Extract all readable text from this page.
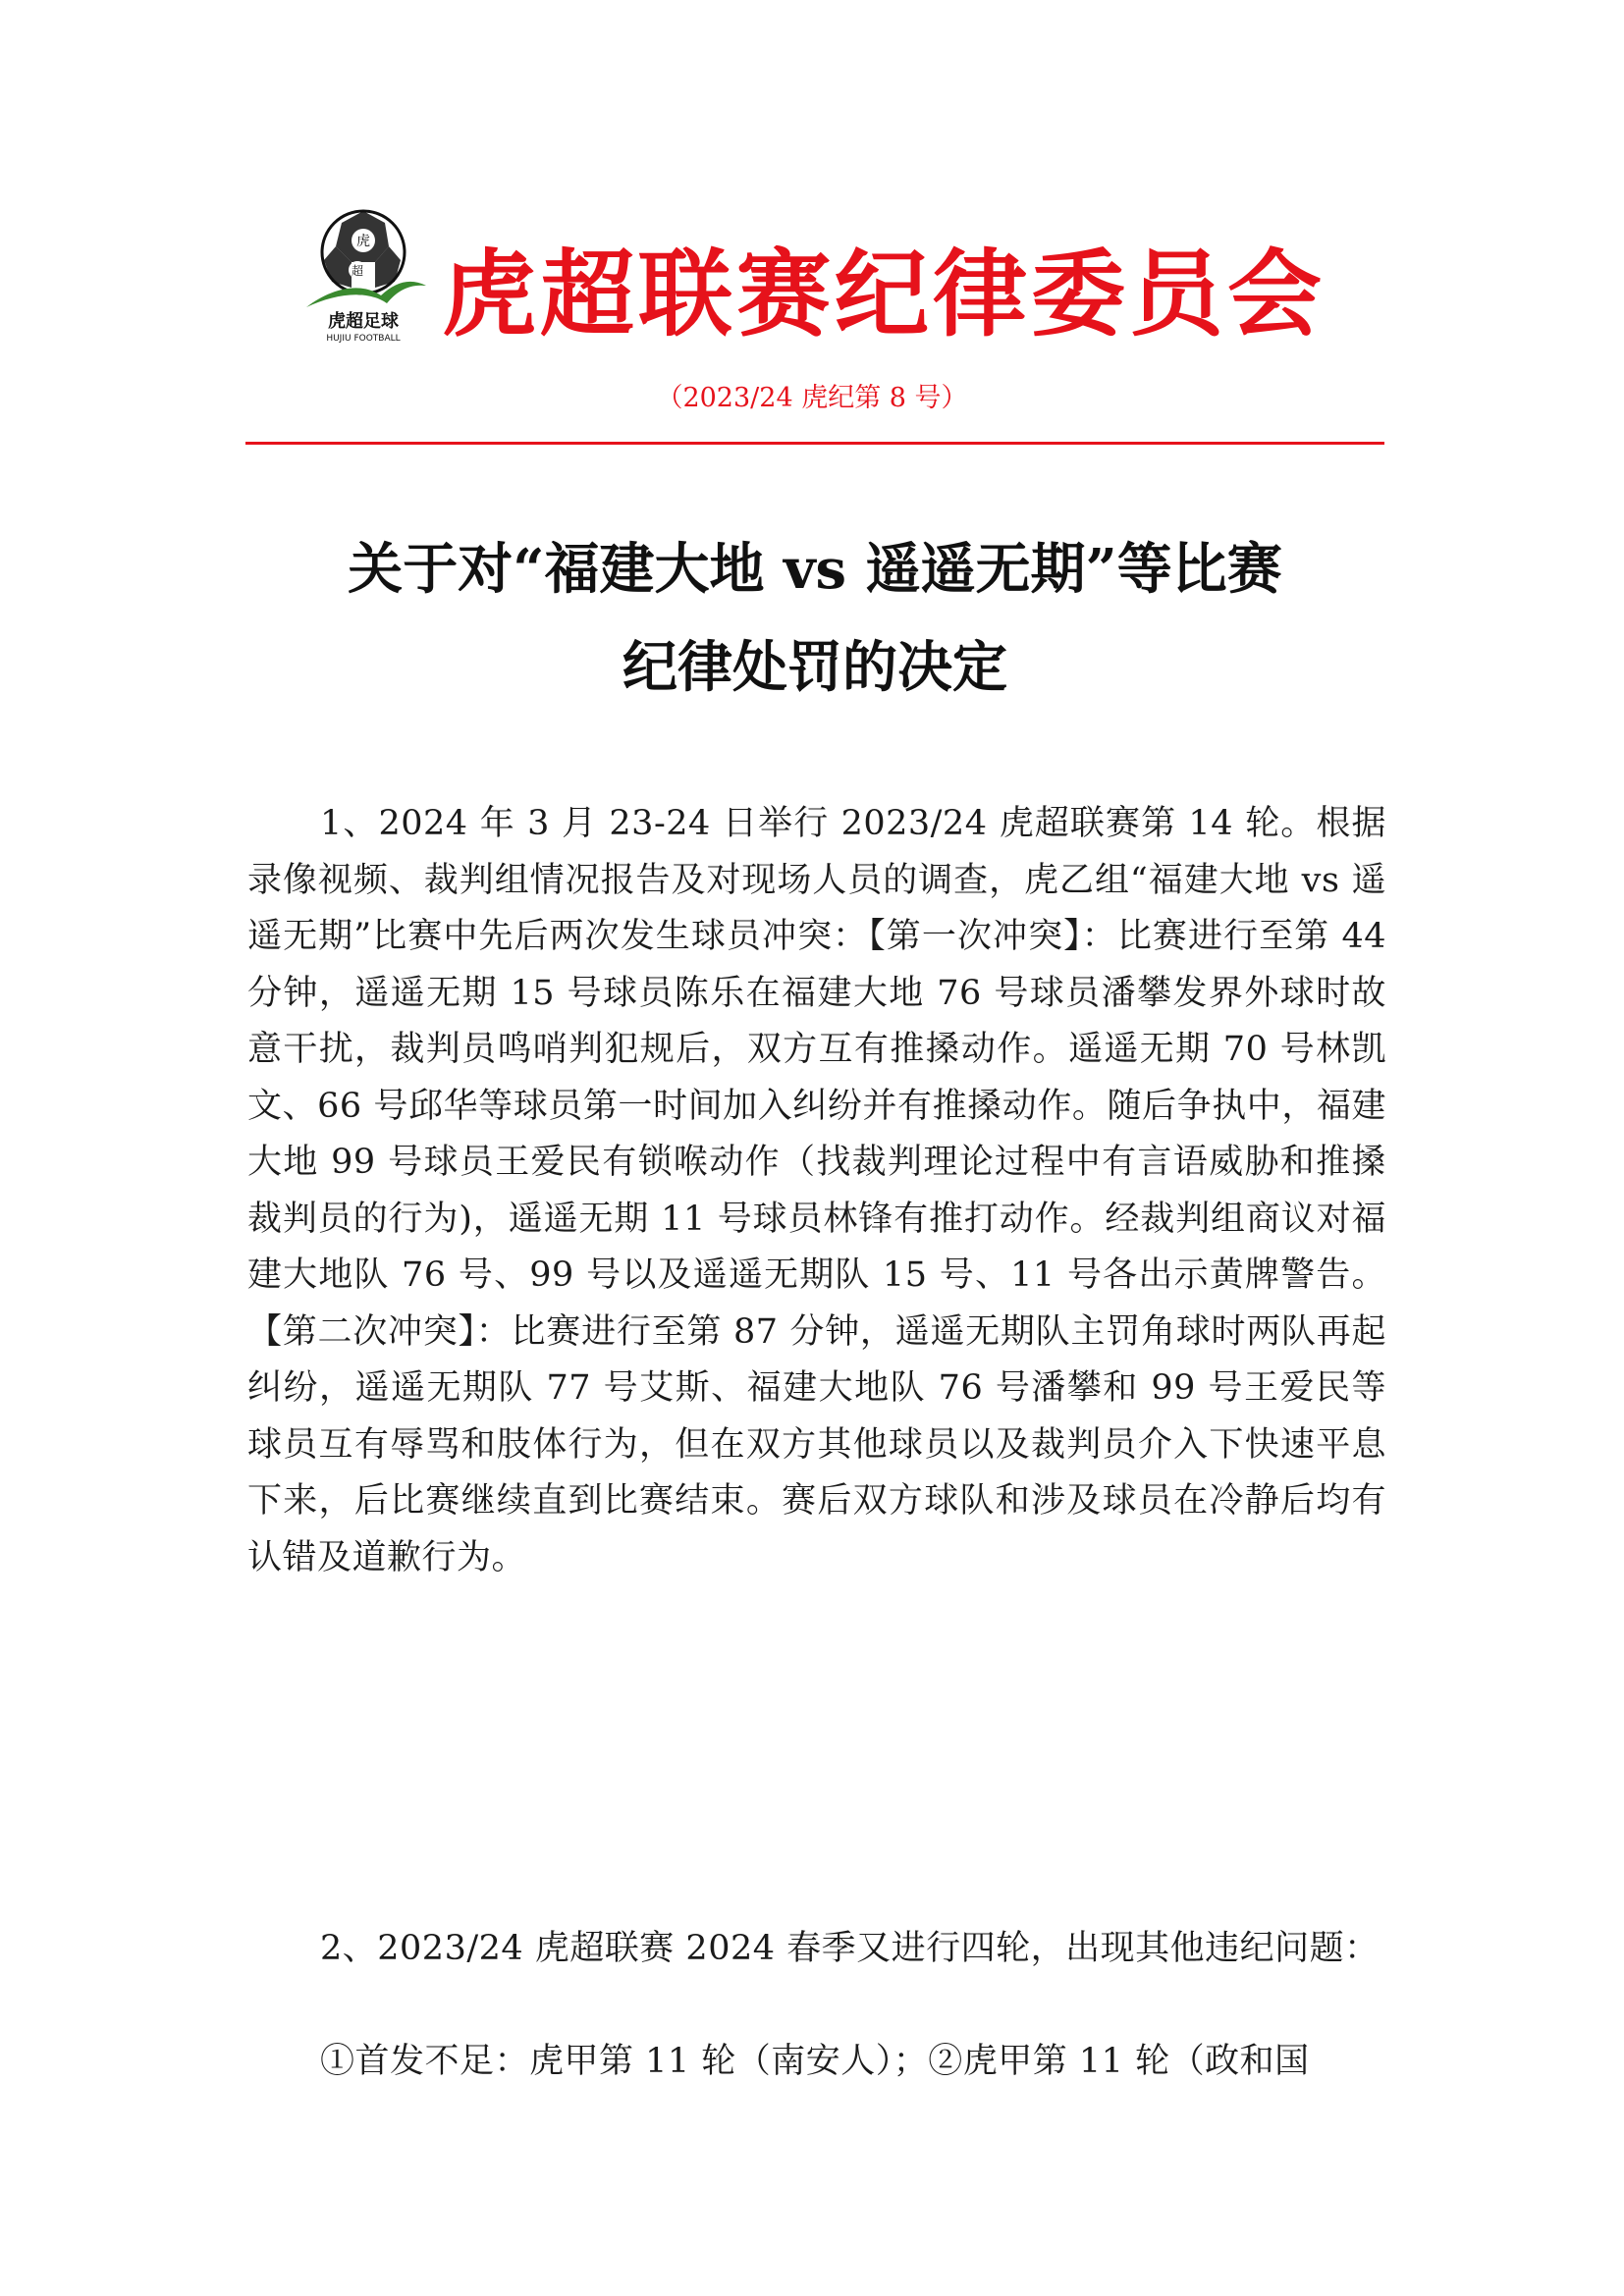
虎
超
虎超足球
HUJIU FOOTBALL 虎超联赛纪律委员会
（2023/24 虎纪第 8 号）
关于对“福建大地 vs 遥遥无期”等比赛
纪律处罚的决定

1、2024 年 3 月 23-24 日举行 2023/24 虎超联赛第 14 轮。根据录像视频、裁判组情况报告及对现场人员的调查，虎乙组“福建大地 vs 遥遥无期”比赛中先后两次发生球员冲突：【第一次冲突】：比赛进行至第 44 分钟，遥遥无期 15 号球员陈乐在福建大地 76 号球员潘攀发界外球时故意干扰，裁判员鸣哨判犯规后，双方互有推搡动作。遥遥无期 70 号林凯文、66 号邱华等球员第一时间加入纠纷并有推搡动作。随后争执中，福建大地 99 号球员王爱民有锁喉动作（找裁判理论过程中有言语威胁和推搡裁判员的行为)，遥遥无期 11 号球员林锋有推打动作。经裁判组商议对福建大地队 76 号、99 号以及遥遥无期队 15 号、11 号各出示黄牌警告。【第二次冲突】：比赛进行至第 87 分钟，遥遥无期队主罚角球时两队再起纠纷，遥遥无期队 77 号艾斯、福建大地队 76 号潘攀和 99 号王爱民等球员互有辱骂和肢体行为，但在双方其他球员以及裁判员介入下快速平息下来，后比赛继续直到比赛结束。赛后双方球队和涉及球员在冷静后均有认错及道歉行为。

2、2023/24 虎超联赛 2024 春季又进行四轮，出现其他违纪问题：

①首发不足：虎甲第 11 轮（南安人）；②虎甲第 11 轮（政和国
